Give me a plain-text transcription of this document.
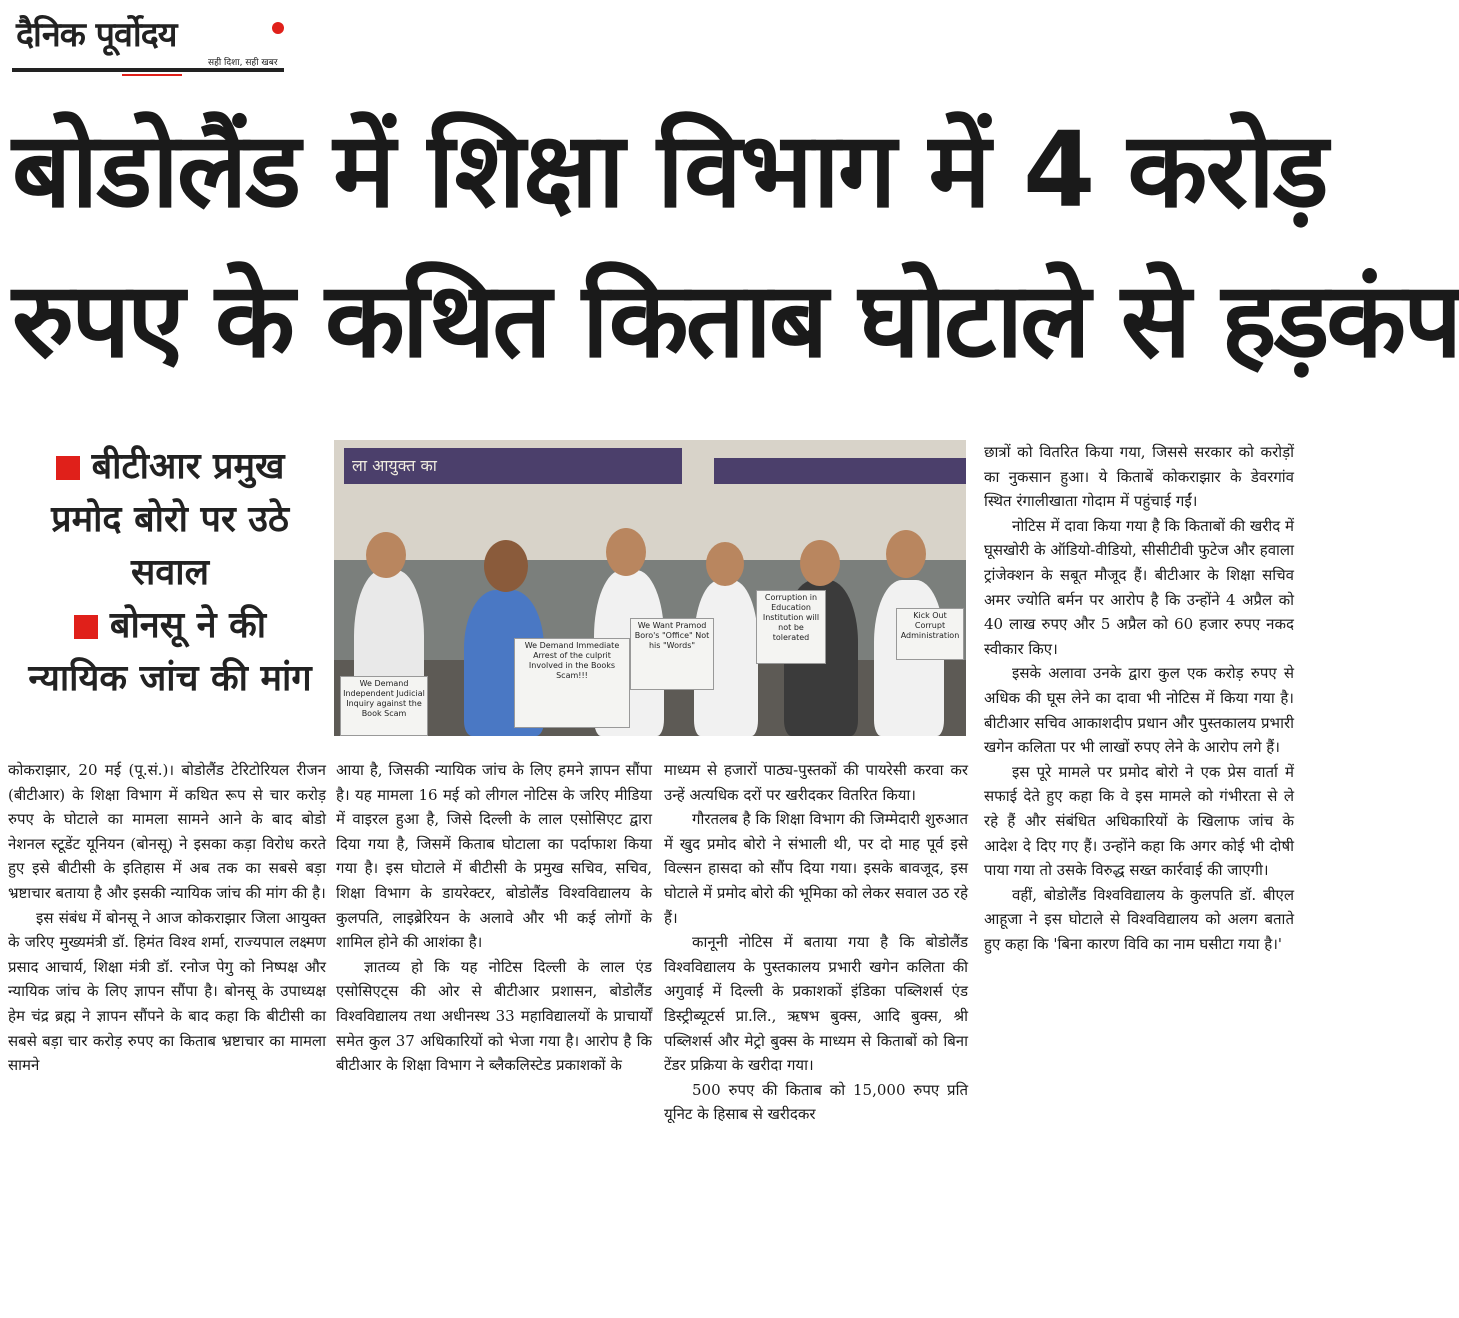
दैनिक पूर्वोदय
सही दिशा, सही खबर
बोडोलैंड में शिक्षा विभाग में 4 करोड़
रुपए के कथित किताब घोटाले से हड़कंप
बीटीआर प्रमुख प्रमोद बोरो पर उठे सवाल
बोनसू ने की न्यायिक जांच की मांग
ला आयुक्त का
We Demand Immediate Arrest of the culprit Involved in the Books Scam!!!
We Want Pramod Boro's "Office" Not his "Words"
We Demand Independent Judicial Inquiry against the Book Scam
Kick Out Corrupt Administration
Corruption in Education Institution will not be tolerated

कोकराझार, 20 मई (पू.सं.)। बोडोलैंड टेरिटोरियल रीजन (बीटीआर) के शिक्षा विभाग में कथित रूप से चार करोड़ रुपए के घोटाले का मामला सामने आने के बाद बोडो नेशनल स्टूडेंट यूनियन (बोनसू) ने इसका कड़ा विरोध करते हुए इसे बीटीसी के इतिहास में अब तक का सबसे बड़ा भ्रष्टाचार बताया है और इसकी न्यायिक जांच की मांग की है।

इस संबंध में बोनसू ने आज कोकराझार जिला आयुक्त के जरिए मुख्यमंत्री डॉ. हिमंत विश्व शर्मा, राज्यपाल लक्ष्मण प्रसाद आचार्य, शिक्षा मंत्री डॉ. रनोज पेगु को निष्पक्ष और न्यायिक जांच के लिए ज्ञापन सौंपा है। बोनसू के उपाध्यक्ष हेम चंद्र ब्रह्म ने ज्ञापन सौंपने के बाद कहा कि बीटीसी का सबसे बड़ा चार करोड़ रुपए का किताब भ्रष्टाचार का मामला सामने

आया है, जिसकी न्यायिक जांच के लिए हमने ज्ञापन सौंपा है। यह मामला 16 मई को लीगल नोटिस के जरिए मीडिया में वाइरल हुआ है, जिसे दिल्ली के लाल एसोसिएट द्वारा दिया गया है, जिसमें किताब घोटाला का पर्दाफाश किया गया है। इस घोटाले में बीटीसी के प्रमुख सचिव, सचिव, शिक्षा विभाग के डायरेक्टर, बोडोलैंड विश्वविद्यालय के कुलपति, लाइब्रेरियन के अलावे और भी कई लोगों के शामिल होने की आशंका है।

ज्ञातव्य हो कि यह नोटिस दिल्ली के लाल एंड एसोसिएट्स की ओर से बीटीआर प्रशासन, बोडोलैंड विश्वविद्यालय तथा अधीनस्थ 33 महाविद्यालयों के प्राचार्यों समेत कुल 37 अधिकारियों को भेजा गया है। आरोप है कि बीटीआर के शिक्षा विभाग ने ब्लैकलिस्टेड प्रकाशकों के

माध्यम से हजारों पाठ्य-पुस्तकों की पायरेसी करवा कर उन्हें अत्यधिक दरों पर खरीदकर वितरित किया।

गौरतलब है कि शिक्षा विभाग की जिम्मेदारी शुरुआत में खुद प्रमोद बोरो ने संभाली थी, पर दो माह पूर्व इसे विल्सन हासदा को सौंप दिया गया। इसके बावजूद, इस घोटाले में प्रमोद बोरो की भूमिका को लेकर सवाल उठ रहे हैं।

कानूनी नोटिस में बताया गया है कि बोडोलैंड विश्वविद्यालय के पुस्तकालय प्रभारी खगेन कलिता की अगुवाई में दिल्ली के प्रकाशकों इंडिका पब्लिशर्स एंड डिस्ट्रीब्यूटर्स प्रा.लि., ऋषभ बुक्स, आदि बुक्स, श्री पब्लिशर्स और मेट्रो बुक्स के माध्यम से किताबों को बिना टेंडर प्रक्रिया के खरीदा गया।

500 रुपए की किताब को 15,000 रुपए प्रति यूनिट के हिसाब से खरीदकर

छात्रों को वितरित किया गया, जिससे सरकार को करोड़ों का नुकसान हुआ। ये किताबें कोकराझार के डेवरगांव स्थित रंगालीखाता गोदाम में पहुंचाई गईं।

नोटिस में दावा किया गया है कि किताबों की खरीद में घूसखोरी के ऑडियो-वीडियो, सीसीटीवी फुटेज और हवाला ट्रांजेक्शन के सबूत मौजूद हैं। बीटीआर के शिक्षा सचिव अमर ज्योति बर्मन पर आरोप है कि उन्होंने 4 अप्रैल को 40 लाख रुपए और 5 अप्रैल को 60 हजार रुपए नकद स्वीकार किए।

इसके अलावा उनके द्वारा कुल एक करोड़ रुपए से अधिक की घूस लेने का दावा भी नोटिस में किया गया है। बीटीआर सचिव आकाशदीप प्रधान और पुस्तकालय प्रभारी खगेन कलिता पर भी लाखों रुपए लेने के आरोप लगे हैं।

इस पूरे मामले पर प्रमोद बोरो ने एक प्रेस वार्ता में सफाई देते हुए कहा कि वे इस मामले को गंभीरता से ले रहे हैं और संबंधित अधिकारियों के खिलाफ जांच के आदेश दे दिए गए हैं। उन्होंने कहा कि अगर कोई भी दोषी पाया गया तो उसके विरुद्ध सख्त कार्रवाई की जाएगी।

वहीं, बोडोलैंड विश्वविद्यालय के कुलपति डॉ. बीएल आहूजा ने इस घोटाले से विश्वविद्यालय को अलग बताते हुए कहा कि 'बिना कारण विवि का नाम घसीटा गया है।'
